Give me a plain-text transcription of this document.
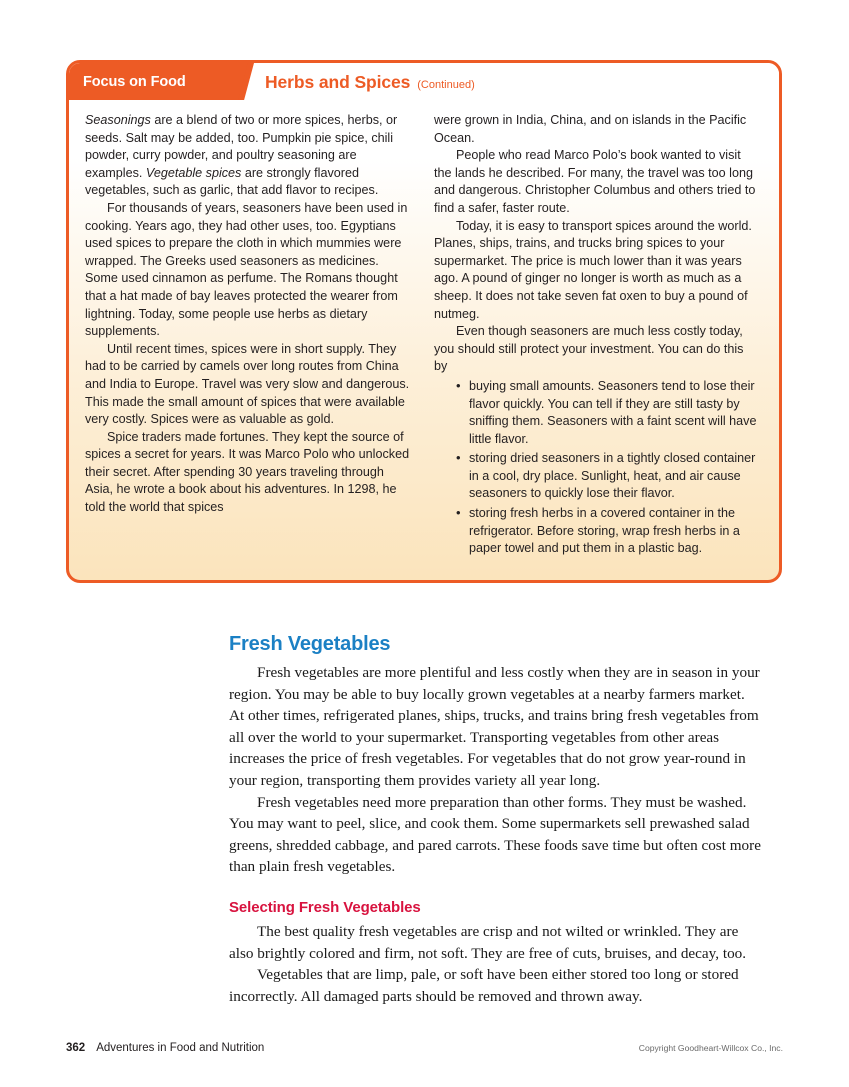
Focus on Food	Herbs and Spices (Continued)

Seasonings are a blend of two or more spices, herbs, or seeds. Salt may be added, too. Pumpkin pie spice, chili powder, curry powder, and poultry seasoning are examples. Vegetable spices are strongly flavored vegetables, such as garlic, that add flavor to recipes.

For thousands of years, seasoners have been used in cooking. Years ago, they had other uses, too. Egyptians used spices to prepare the cloth in which mummies were wrapped. The Greeks used seasoners as medicines. Some used cinnamon as perfume. The Romans thought that a hat made of bay leaves protected the wearer from lightning. Today, some people use herbs as dietary supplements.

Until recent times, spices were in short supply. They had to be carried by camels over long routes from China and India to Europe. Travel was very slow and dangerous. This made the small amount of spices that were available very costly. Spices were as valuable as gold.

Spice traders made fortunes. They kept the source of spices a secret for years. It was Marco Polo who unlocked their secret. After spending 30 years traveling through Asia, he wrote a book about his adventures. In 1298, he told the world that spices

were grown in India, China, and on islands in the Pacific Ocean.

People who read Marco Polo’s book wanted to visit the lands he described. For many, the travel was too long and dangerous. Christopher Columbus and others tried to find a safer, faster route.

Today, it is easy to transport spices around the world. Planes, ships, trains, and trucks bring spices to your supermarket. The price is much lower than it was years ago. A pound of ginger no longer is worth as much as a sheep. It does not take seven fat oxen to buy a pound of nutmeg.

Even though seasoners are much less costly today, you should still protect your investment. You can do this by

• buying small amounts. Seasoners tend to lose their flavor quickly. You can tell if they are still tasty by sniffing them. Seasoners with a faint scent will have little flavor.
• storing dried seasoners in a tightly closed container in a cool, dry place. Sunlight, heat, and air cause seasoners to quickly lose their flavor.
• storing fresh herbs in a covered container in the refrigerator. Before storing, wrap fresh herbs in a paper towel and put them in a plastic bag.
Fresh Vegetables

Fresh vegetables are more plentiful and less costly when they are in season in your region. You may be able to buy locally grown vegetables at a nearby farmers market. At other times, refrigerated planes, ships, trucks, and trains bring fresh vegetables from all over the world to your supermarket. Transporting vegetables from other areas increases the price of fresh vegetables. For vegetables that do not grow year-round in your region, transporting them provides variety all year long.

Fresh vegetables need more preparation than other forms. They must be washed. You may want to peel, slice, and cook them. Some supermarkets sell prewashed salad greens, shredded cabbage, and pared carrots. These foods save time but often cost more than plain fresh vegetables.

Selecting Fresh Vegetables

The best quality fresh vegetables are crisp and not wilted or wrinkled. They are also brightly colored and firm, not soft. They are free of cuts, bruises, and decay, too.

Vegetables that are limp, pale, or soft have been either stored too long or stored incorrectly. All damaged parts should be removed and thrown away.

362 Adventures in Food and Nutrition	Copyright Goodheart-Willcox Co., Inc.
